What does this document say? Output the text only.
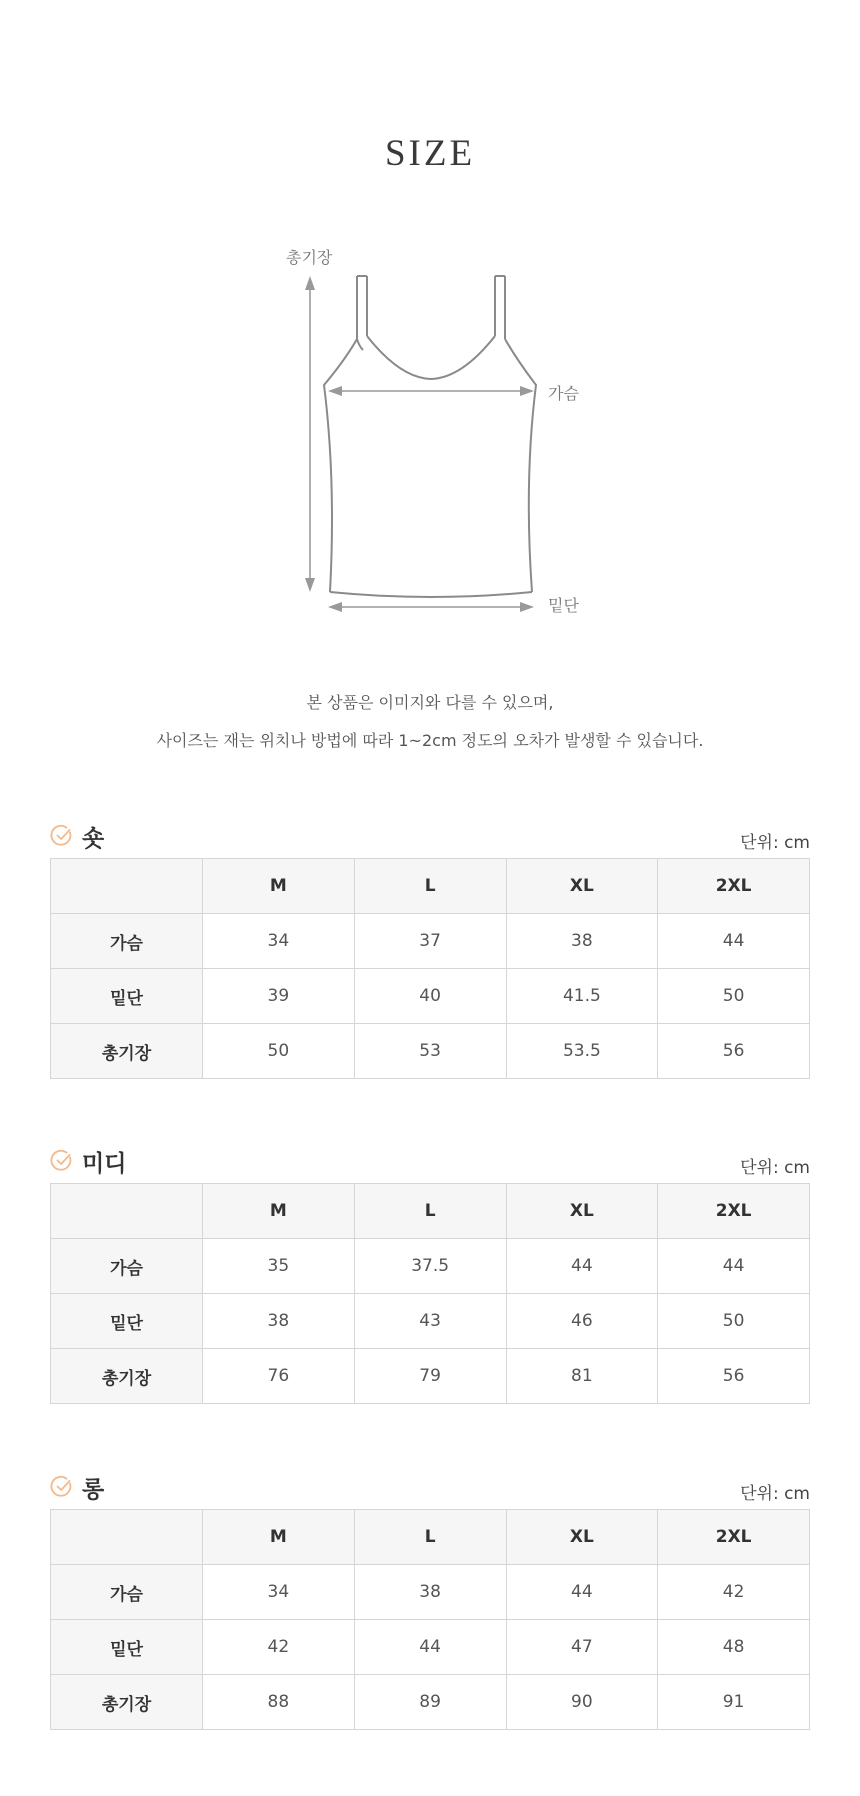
SIZE
총기장
가슴
밑단
본 상품은 이미지와 다를 수 있으며,
사이즈는 재는 위치나 방법에 따라 1~2cm 정도의 오차가 발생할 수 있습니다.
숏	단위: cm
	M	L	XL	2XL
가슴	34	37	38	44
밑단	39	40	41.5	50
총기장	50	53	53.5	56
미디	단위: cm
	M	L	XL	2XL
가슴	35	37.5	44	44
밑단	38	43	46	50
총기장	76	79	81	56
롱	단위: cm
	M	L	XL	2XL
가슴	34	38	44	42
밑단	42	44	47	48
총기장	88	89	90	91
